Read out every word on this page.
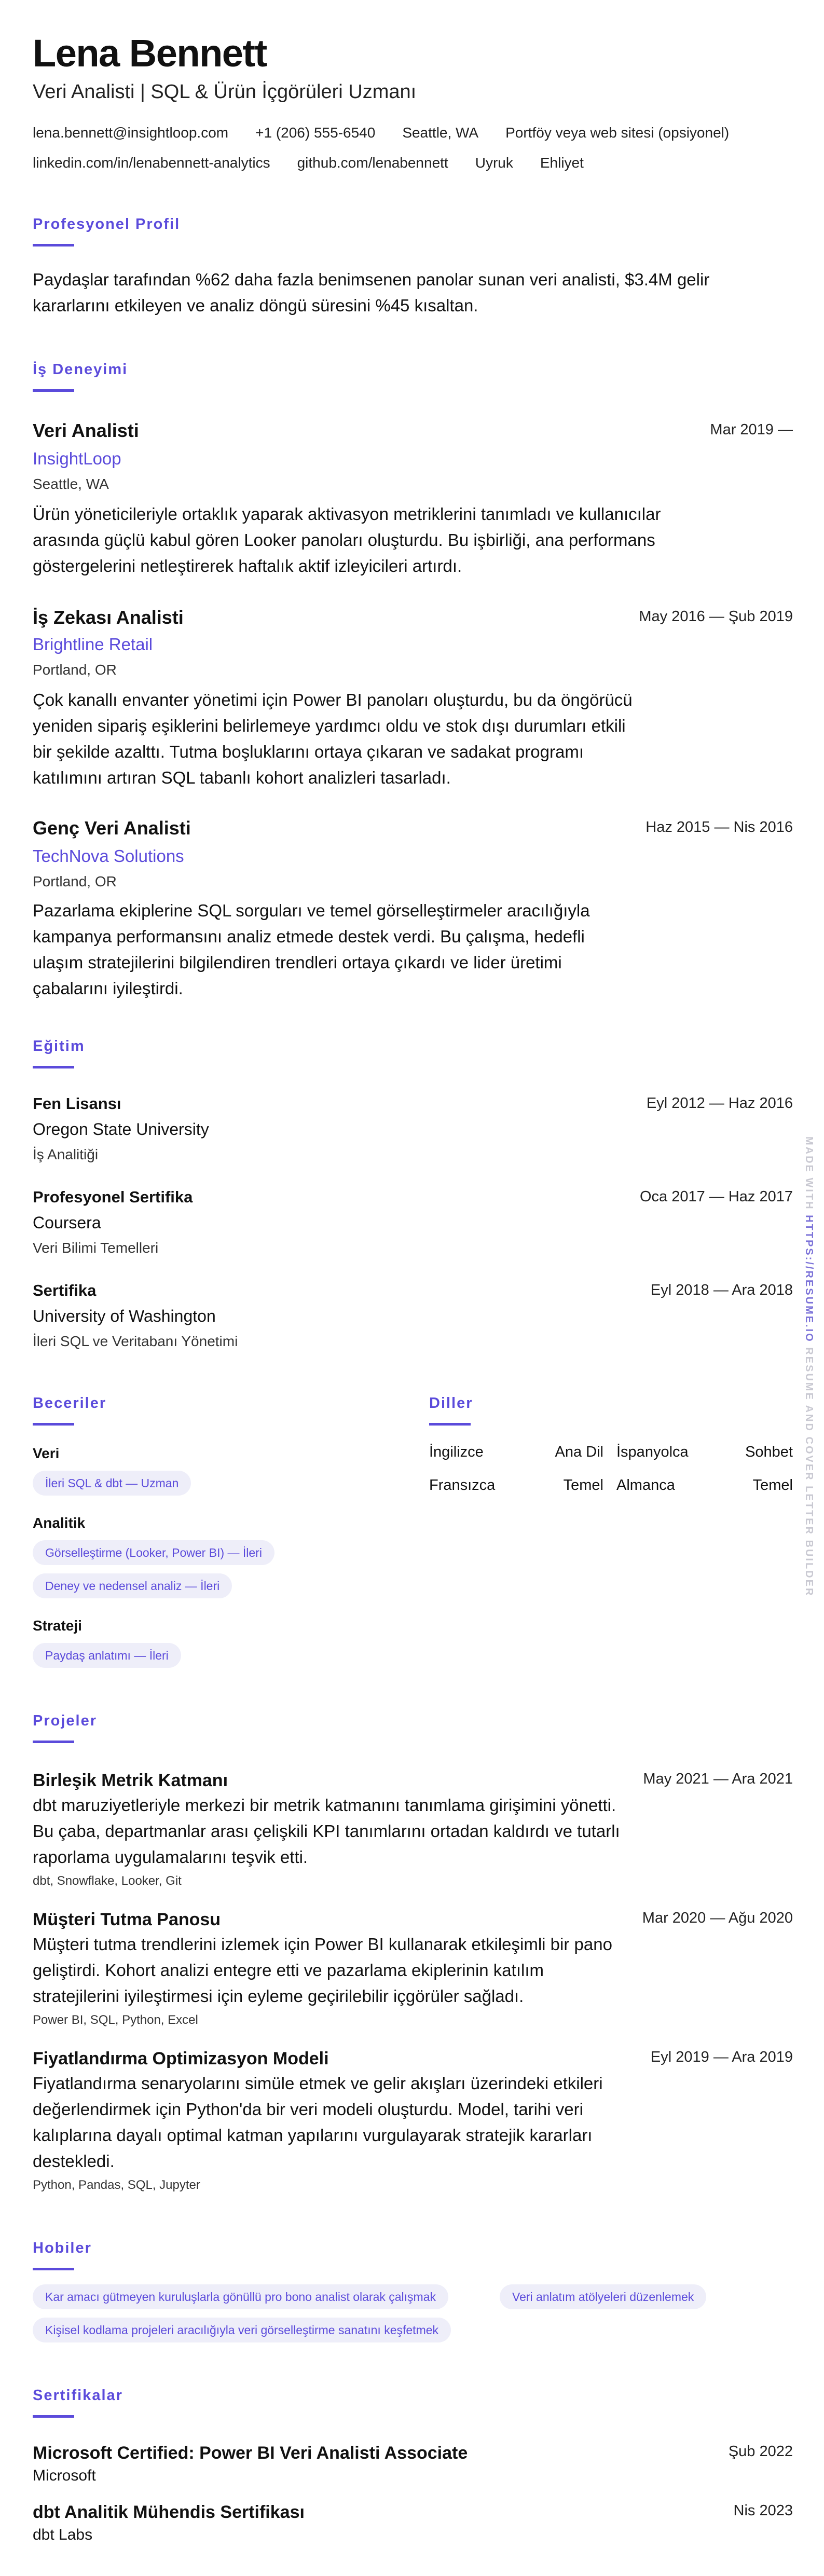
Lena Bennett
Veri Analisti | SQL & Ürün İçgörüleri Uzmanı
lena.bennett@insightloop.com +1 (206) 555-6540 Seattle, WA Portföy veya web sitesi (opsiyonel)
linkedin.com/in/lenabennett-analytics github.com/lenabennett Uyruk Ehliyet
Profesyonel Profil
Paydaşlar tarafından %62 daha fazla benimsenen panolar sunan veri analisti, $3.4M gelir kararlarını etkileyen ve analiz döngü süresini %45 kısaltan.
İş Deneyimi
Veri Analisti	Mar 2019 —
InsightLoop
Seattle, WA
Ürün yöneticileriyle ortaklık yaparak aktivasyon metriklerini tanımladı ve kullanıcılar arasında güçlü kabul gören Looker panoları oluşturdu. Bu işbirliği, ana performans göstergelerini netleştirerek haftalık aktif izleyicileri artırdı.
İş Zekası Analisti	May 2016 — Şub 2019
Brightline Retail
Portland, OR
Çok kanallı envanter yönetimi için Power BI panoları oluşturdu, bu da öngörücü yeniden sipariş eşiklerini belirlemeye yardımcı oldu ve stok dışı durumları etkili bir şekilde azalttı. Tutma boşluklarını ortaya çıkaran ve sadakat programı katılımını artıran SQL tabanlı kohort analizleri tasarladı.
Genç Veri Analisti	Haz 2015 — Nis 2016
TechNova Solutions
Portland, OR
Pazarlama ekiplerine SQL sorguları ve temel görselleştirmeler aracılığıyla kampanya performansını analiz etmede destek verdi. Bu çalışma, hedefli ulaşım stratejilerini bilgilendiren trendleri ortaya çıkardı ve lider üretimi çabalarını iyileştirdi.
Eğitim
Fen Lisansı	Eyl 2012 — Haz 2016
Oregon State University
İş Analitiği
Profesyonel Sertifika	Oca 2017 — Haz 2017
Coursera
Veri Bilimi Temelleri
Sertifika	Eyl 2018 — Ara 2018
University of Washington
İleri SQL ve Veritabanı Yönetimi
Beceriler
Veri
İleri SQL & dbt — Uzman
Analitik
Görselleştirme (Looker, Power BI) — İleri
Deney ve nedensel analiz — İleri
Strateji
Paydaş anlatımı — İleri
Diller
İngilizce	Ana Dil İspanyolca	Sohbet
Fransızca	Temel Almanca	Temel
Projeler
Birleşik Metrik Katmanı	May 2021 — Ara 2021
dbt maruziyetleriyle merkezi bir metrik katmanını tanımlama girişimini yönetti. Bu çaba, departmanlar arası çelişkili KPI tanımlarını ortadan kaldırdı ve tutarlı raporlama uygulamalarını teşvik etti.
dbt, Snowflake, Looker, Git
Müşteri Tutma Panosu	Mar 2020 — Ağu 2020
Müşteri tutma trendlerini izlemek için Power BI kullanarak etkileşimli bir pano geliştirdi. Kohort analizi entegre etti ve pazarlama ekiplerinin katılım stratejilerini iyileştirmesi için eyleme geçirilebilir içgörüler sağladı.
Power BI, SQL, Python, Excel
Fiyatlandırma Optimizasyon Modeli	Eyl 2019 — Ara 2019
Fiyatlandırma senaryolarını simüle etmek ve gelir akışları üzerindeki etkileri değerlendirmek için Python'da bir veri modeli oluşturdu. Model, tarihi veri kalıplarına dayalı optimal katman yapılarını vurgulayarak stratejik kararları destekledi.
Python, Pandas, SQL, Jupyter
Hobiler
Kar amacı gütmeyen kuruluşlarla gönüllü pro bono analist olarak çalışmak	Veri anlatım atölyeleri düzenlemek
Kişisel kodlama projeleri aracılığıyla veri görselleştirme sanatını keşfetmek
Sertifikalar
Microsoft Certified: Power BI Veri Analisti Associate	Şub 2022
Microsoft
dbt Analitik Mühendis Sertifikası	Nis 2023
dbt Labs
MADE WITH HTTPS://RESUME.IO RESUME AND COVER LETTER BUILDER
